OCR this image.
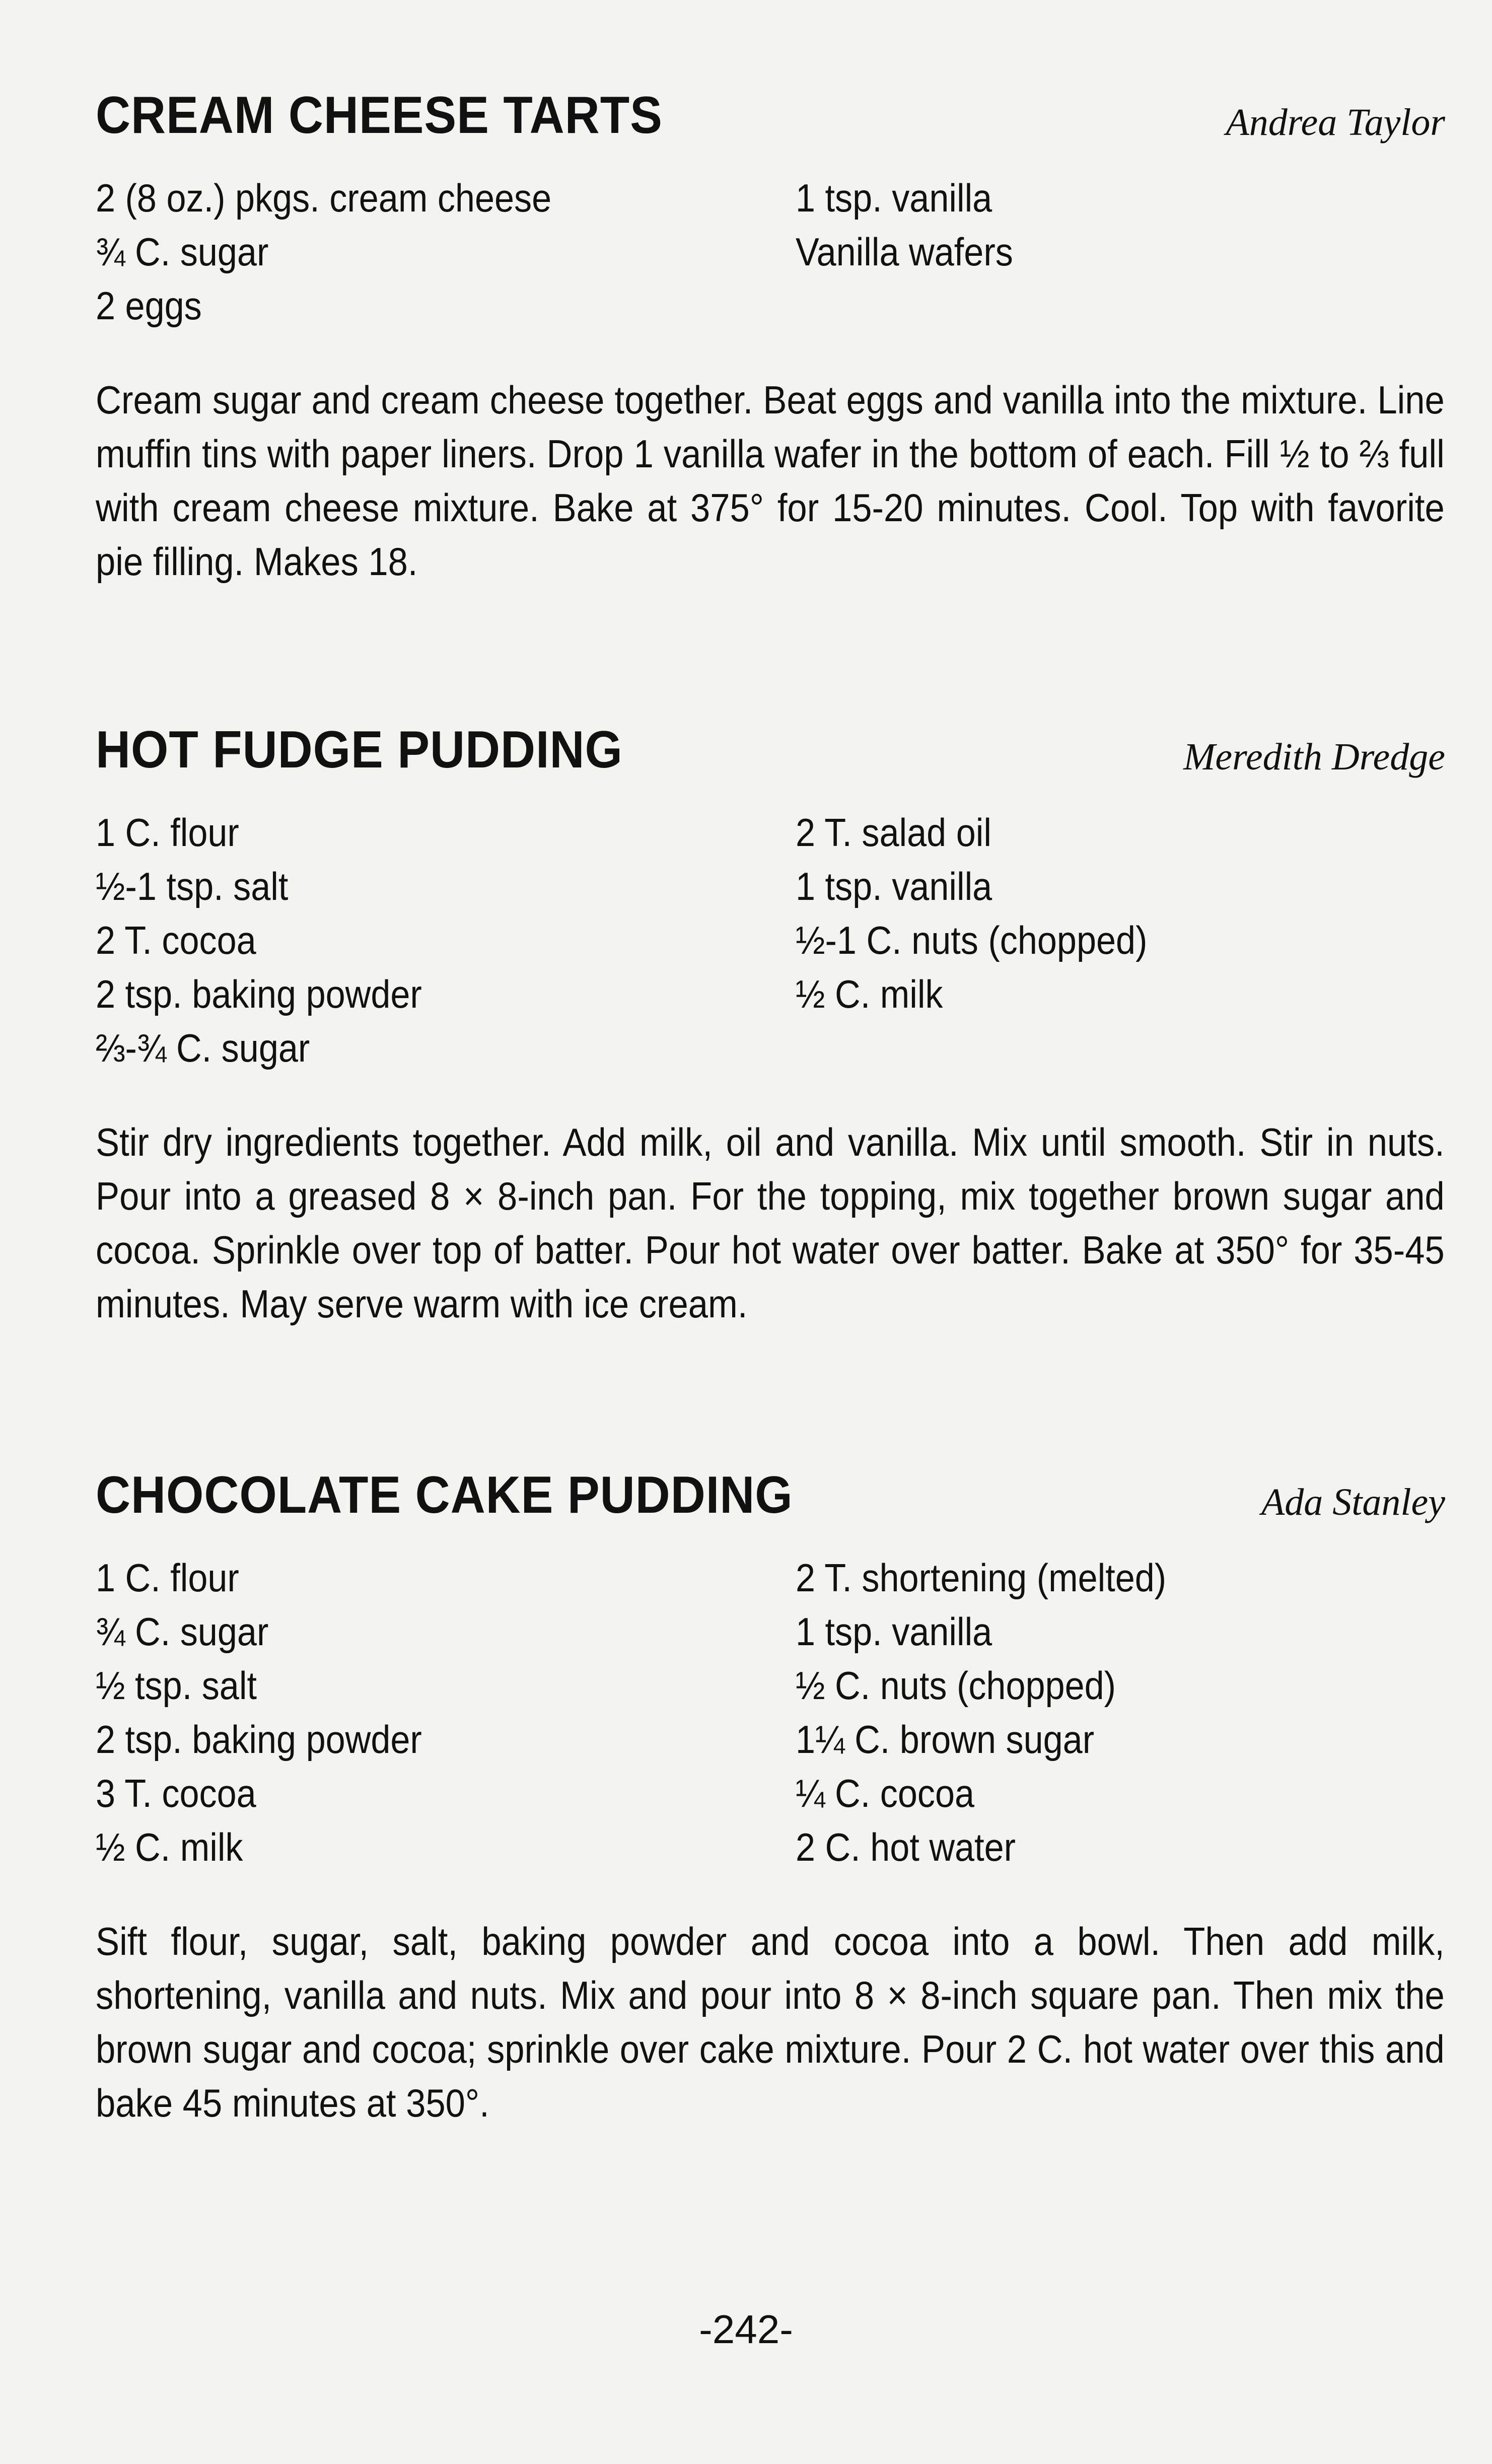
CREAM CHEESE TARTS	Andrea Taylor
2 (8 oz.) pkgs. cream cheese
¾ C. sugar
2 eggs
1 tsp. vanilla
Vanilla wafers
Cream sugar and cream cheese together. Beat eggs and vanilla into the mixture. Line muffin tins with paper liners. Drop 1 vanilla wafer in the bottom of each. Fill ½ to ⅔ full with cream cheese mixture. Bake at 375° for 15-20 minutes. Cool. Top with favorite pie filling. Makes 18.
HOT FUDGE PUDDING	Meredith Dredge
1 C. flour
½-1 tsp. salt
2 T. cocoa
2 tsp. baking powder
⅔-¾ C. sugar
2 T. salad oil
1 tsp. vanilla
½-1 C. nuts (chopped)
½ C. milk
Stir dry ingredients together. Add milk, oil and vanilla. Mix until smooth. Stir in nuts. Pour into a greased 8 × 8-inch pan. For the topping, mix together brown sugar and cocoa. Sprinkle over top of batter. Pour hot water over batter. Bake at 350° for 35-45 minutes. May serve warm with ice cream.
CHOCOLATE CAKE PUDDING	Ada Stanley
1 C. flour
¾ C. sugar
½ tsp. salt
2 tsp. baking powder
3 T. cocoa
½ C. milk
2 T. shortening (melted)
1 tsp. vanilla
½ C. nuts (chopped)
1¼ C. brown sugar
¼ C. cocoa
2 C. hot water
Sift flour, sugar, salt, baking powder and cocoa into a bowl. Then add milk, shortening, vanilla and nuts. Mix and pour into 8 × 8-inch square pan. Then mix the brown sugar and cocoa; sprinkle over cake mixture. Pour 2 C. hot water over this and bake 45 minutes at 350°.
-242-
